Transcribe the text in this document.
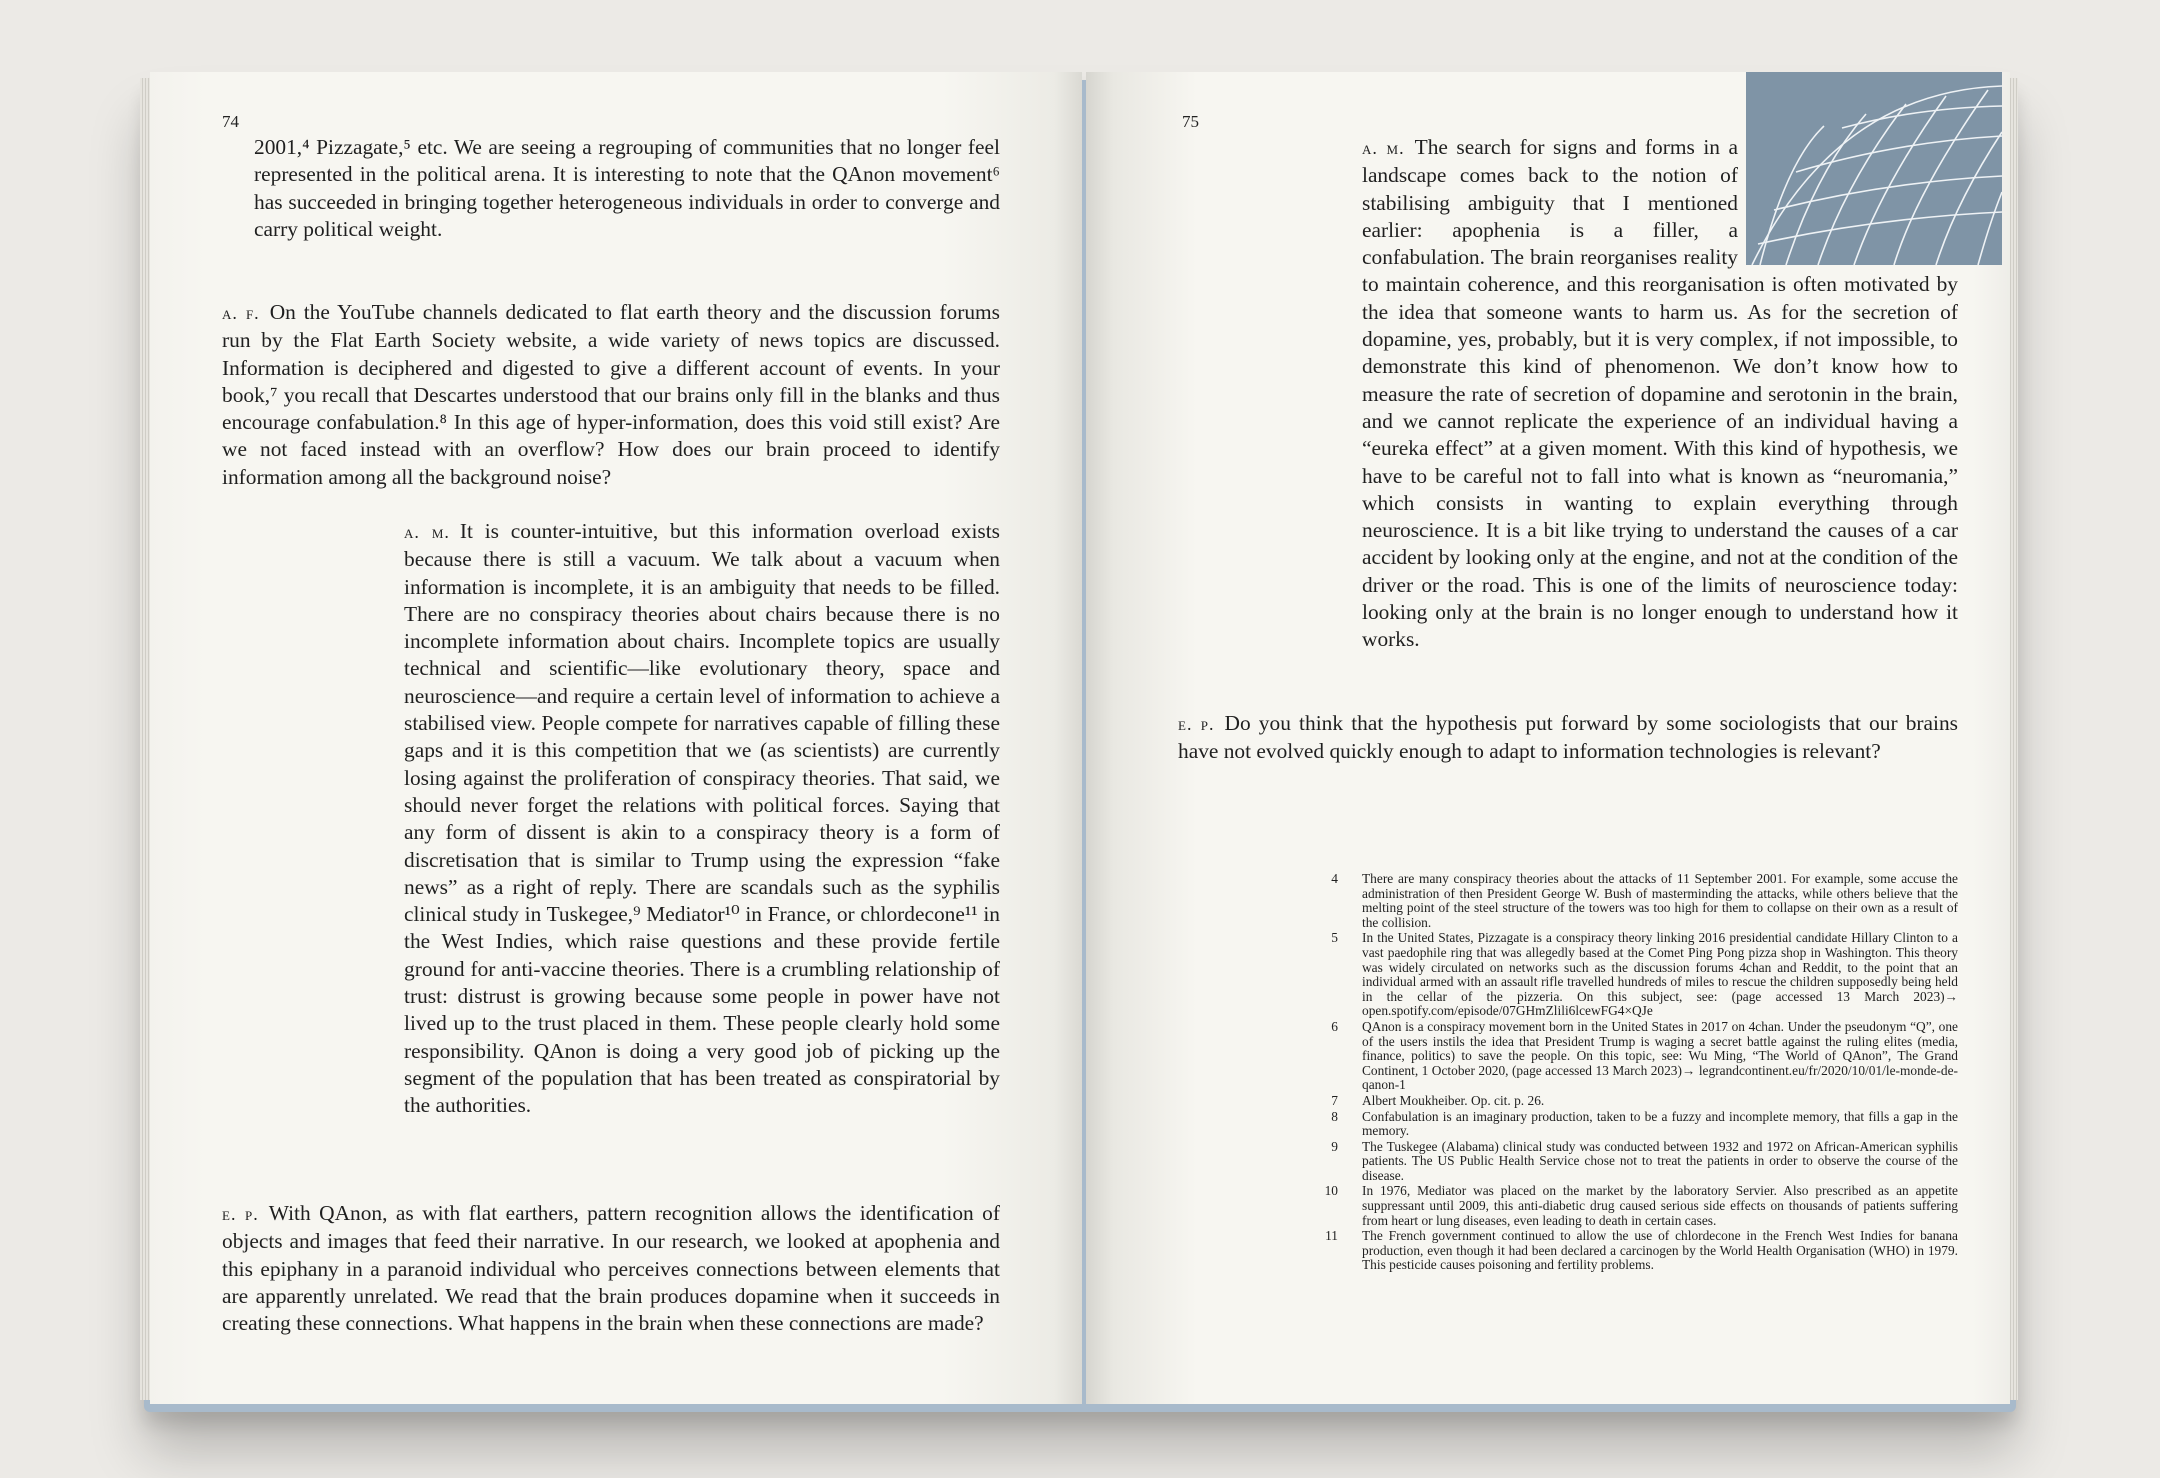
74

2001,⁴ Pizzagate,⁵ etc. We are seeing a regrouping of communities that no longer feel represented in the political arena. It is interesting to note that the QAnon movement⁶ has succeeded in bringing together heterogeneous individuals in order to converge and carry political weight.

a. f. On the YouTube channels dedicated to flat earth theory and the discussion forums run by the Flat Earth Society website, a wide variety of news topics are discussed. Information is deciphered and digested to give a different account of events. In your book,⁷ you recall that Descartes understood that our brains only fill in the blanks and thus encourage confabulation.⁸ In this age of hyper-information, does this void still exist? Are we not faced instead with an overflow? How does our brain proceed to identify information among all the background noise?

a. m. It is counter-intuitive, but this information overload exists because there is still a vacuum. We talk about a vacuum when information is incomplete, it is an ambiguity that needs to be filled. There are no conspiracy theories about chairs because there is no incomplete information about chairs. Incomplete topics are usually technical and scientific—like evolutionary theory, space and neuroscience—and require a certain level of information to achieve a stabilised view. People compete for narratives capable of filling these gaps and it is this competition that we (as scientists) are currently losing against the proliferation of conspiracy theories. That said, we should never forget the relations with political forces. Saying that any form of dissent is akin to a conspiracy theory is a form of discretisation that is similar to Trump using the expression “fake news” as a right of reply. There are scandals such as the syphilis clinical study in Tuskegee,⁹ Mediator¹⁰ in France, or chlordecone¹¹ in the West Indies, which raise questions and these provide fertile ground for anti-vaccine theories. There is a crumbling relationship of trust: distrust is growing because some people in power have not lived up to the trust placed in them. These people clearly hold some responsibility. QAnon is doing a very good job of picking up the segment of the population that has been treated as conspiratorial by the authorities.

e. p. With QAnon, as with flat earthers, pattern recognition allows the identification of objects and images that feed their narrative. In our research, we looked at apophenia and this epiphany in a paranoid individual who perceives connections between elements that are apparently unrelated. We read that the brain produces dopamine when it succeeds in creating these connections. What happens in the brain when these connections are made?

75

a. m. The search for signs and forms in a landscape comes back to the notion of stabilising ambiguity that I mentioned earlier: apophenia is a filler, a confabulation. The brain reorganises reality to maintain coherence, and this reorganisation is often motivated by the idea that someone wants to harm us. As for the secretion of dopamine, yes, probably, but it is very complex, if not impossible, to demonstrate this kind of phenomenon. We don’t know how to measure the rate of secretion of dopamine and serotonin in the brain, and we cannot replicate the experience of an individual having a “eureka effect” at a given moment. With this kind of hypothesis, we have to be careful not to fall into what is known as “neuromania,” which consists in wanting to explain everything through neuroscience. It is a bit like trying to understand the causes of a car accident by looking only at the engine, and not at the condition of the driver or the road. This is one of the limits of neuroscience today: looking only at the brain is no longer enough to understand how it works.

e. p. Do you think that the hypothesis put forward by some sociologists that our brains have not evolved quickly enough to adapt to information technologies is relevant?

4 There are many conspiracy theories about the attacks of 11 September 2001. For example, some accuse the administration of then President George W. Bush of masterminding the attacks, while others believe that the melting point of the steel structure of the towers was too high for them to collapse on their own as a result of the collision.
5 In the United States, Pizzagate is a conspiracy theory linking 2016 presidential candidate Hillary Clinton to a vast paedophile ring that was allegedly based at the Comet Ping Pong pizza shop in Washington. This theory was widely circulated on networks such as the discussion forums 4chan and Reddit, to the point that an individual armed with an assault rifle travelled hundreds of miles to rescue the children supposedly being held in the cellar of the pizzeria. On this subject, see: (page accessed 13 March 2023)→ open.spotify.com/episode/07GHmZlili6lcewFG4×QJe
6 QAnon is a conspiracy movement born in the United States in 2017 on 4chan. Under the pseudonym “Q”, one of the users instils the idea that President Trump is waging a secret battle against the ruling elites (media, finance, politics) to save the people. On this topic, see: Wu Ming, “The World of QAnon”, The Grand Continent, 1 October 2020, (page accessed 13 March 2023)→ legrandcontinent.eu/fr/2020/10/01/le-monde-de-qanon-1
7 Albert Moukheiber. Op. cit. p. 26.
8 Confabulation is an imaginary production, taken to be a fuzzy and incomplete memory, that fills a gap in the memory.
9 The Tuskegee (Alabama) clinical study was conducted between 1932 and 1972 on African-American syphilis patients. The US Public Health Service chose not to treat the patients in order to observe the course of the disease.
10 In 1976, Mediator was placed on the market by the laboratory Servier. Also prescribed as an appetite suppressant until 2009, this anti-diabetic drug caused serious side effects on thousands of patients suffering from heart or lung diseases, even leading to death in certain cases.
11 The French government continued to allow the use of chlordecone in the French West Indies for banana production, even though it had been declared a carcinogen by the World Health Organisation (WHO) in 1979. This pesticide causes poisoning and fertility problems.
